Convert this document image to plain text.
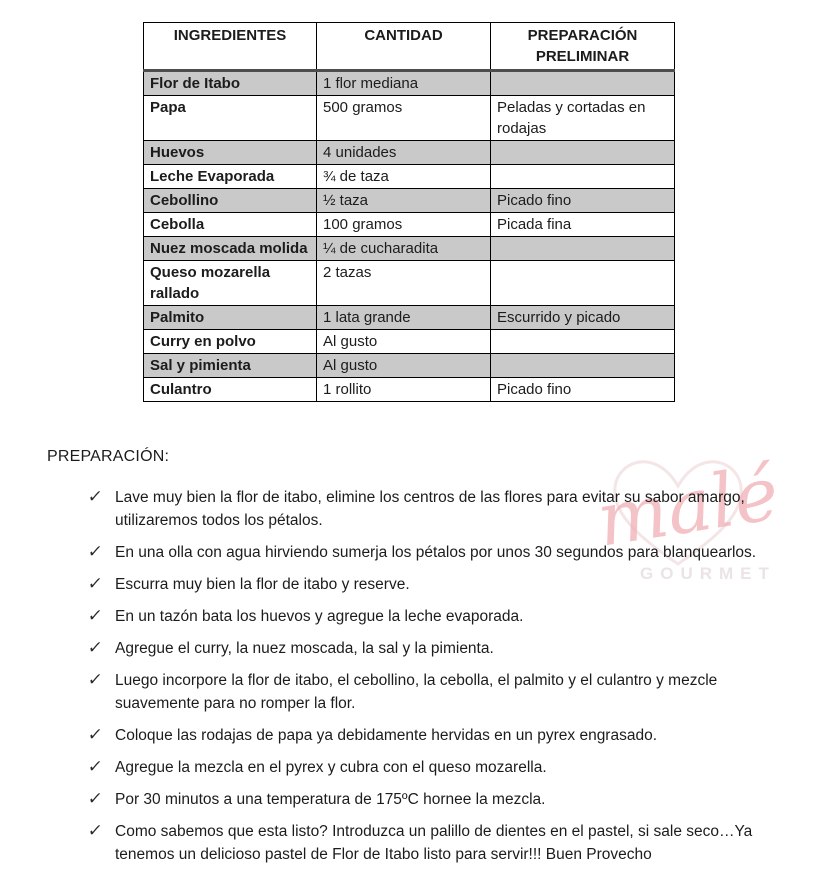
malé
GOURMET
INGREDIENTES	CANTIDAD	PREPARACIÓN PRELIMINAR
Flor de Itabo	1 flor mediana	
Papa	500 gramos	Peladas y cortadas en rodajas
Huevos	4 unidades	
Leche Evaporada	¾ de taza	
Cebollino	½ taza	Picado fino
Cebolla	100 gramos	Picada fina
Nuez moscada molida	¼ de cucharadita	
Queso mozarella rallado	2 tazas	
Palmito	1 lata grande	Escurrido y picado
Curry en polvo	Al gusto	
Sal y pimienta	Al gusto	
Culantro	1 rollito	Picado fino
PREPARACIÓN:
✓ Lave muy bien la flor de itabo, elimine los centros de las flores para evitar su sabor amargo, utilizaremos todos los pétalos.
✓ En una olla con agua hirviendo sumerja los pétalos por unos 30 segundos para blanquearlos.
✓ Escurra muy bien la flor de itabo y reserve.
✓ En un tazón bata los huevos y agregue la leche evaporada.
✓ Agregue el curry, la nuez moscada, la sal y la pimienta.
✓ Luego incorpore la flor de itabo, el cebollino, la cebolla, el palmito y el culantro y mezcle suavemente para no romper la flor.
✓ Coloque las rodajas de papa ya debidamente hervidas en un pyrex engrasado.
✓ Agregue la mezcla en el pyrex y cubra con el queso mozarella.
✓ Por 30 minutos a una temperatura de 175ºC hornee la mezcla.
✓ Como sabemos que esta listo? Introduzca un palillo de dientes en el pastel, si sale seco…Ya tenemos un delicioso pastel de Flor de Itabo listo para servir!!! Buen Provecho
